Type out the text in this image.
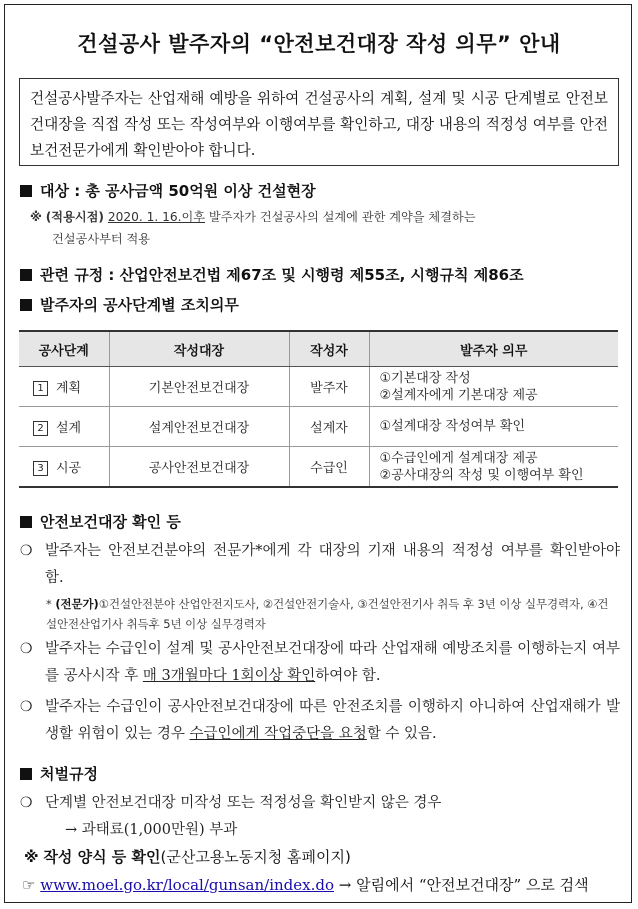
건설공사 발주자의 “안전보건대장 작성 의무” 안내
건설공사발주자는 산업재해 예방을 위하여 건설공사의 계획, 설계 및 시공 단계별로 안전보건대장을 직접 작성 또는 작성여부와 이행여부를 확인하고, 대장 내용의 적정성 여부를 안전보건전문가에게 확인받아야 합니다.
대상 : 총 공사금액 50억원 이상 건설현장
※ (적용시점) 2020. 1. 16.이후 발주자가 건설공사의 설계에 관한 계약을 체결하는
건설공사부터 적용
관련 규정 : 산업안전보건법 제67조 및 시행령 제55조, 시행규칙 제86조
발주자의 공사단계별 조치의무
공사단계	작성대장	작성자	발주자 의무
1 계획	기본안전보건대장	발주자	①기본대장 작성
②설계자에게 기본대장 제공

2 설계	설계안전보건대장	설계자	①설계대장 작성여부 확인

3 시공	공사안전보건대장	수급인	①수급인에게 설계대장 제공
②공사대장의 작성 및 이행여부 확인
안전보건대장 확인 등
❍ 발주자는 안전보건분야의 전문가*에게 각 대장의 기재 내용의 적정성 여부를 확인받아야 함.
* (전문가)①건설안전분야 산업안전지도사, ②건설안전기술사, ③건설안전기사 취득 후 3년 이상 실무경력자, ④건설안전산업기사 취득후 5년 이상 실무경력자
❍ 발주자는 수급인이 설계 및 공사안전보건대장에 따라 산업재해 예방조치를 이행하는지 여부를 공사시작 후 매 3개월마다 1회이상 확인하여야 함.
❍ 발주자는 수급인이 공사안전보건대장에 따른 안전조치를 이행하지 아니하여 산업재해가 발생할 위험이 있는 경우 수급인에게 작업중단을 요청할 수 있음.
처벌규정
❍ 단계별 안전보건대장 미작성 또는 적정성을 확인받지 않은 경우
→ 과태료(1,000만원) 부과
※ 작성 양식 등 확인(군산고용노동지청 홈페이지)
☞ www.moel.go.kr/local/gunsan/index.do → 알림에서 “안전보건대장” 으로 검색
